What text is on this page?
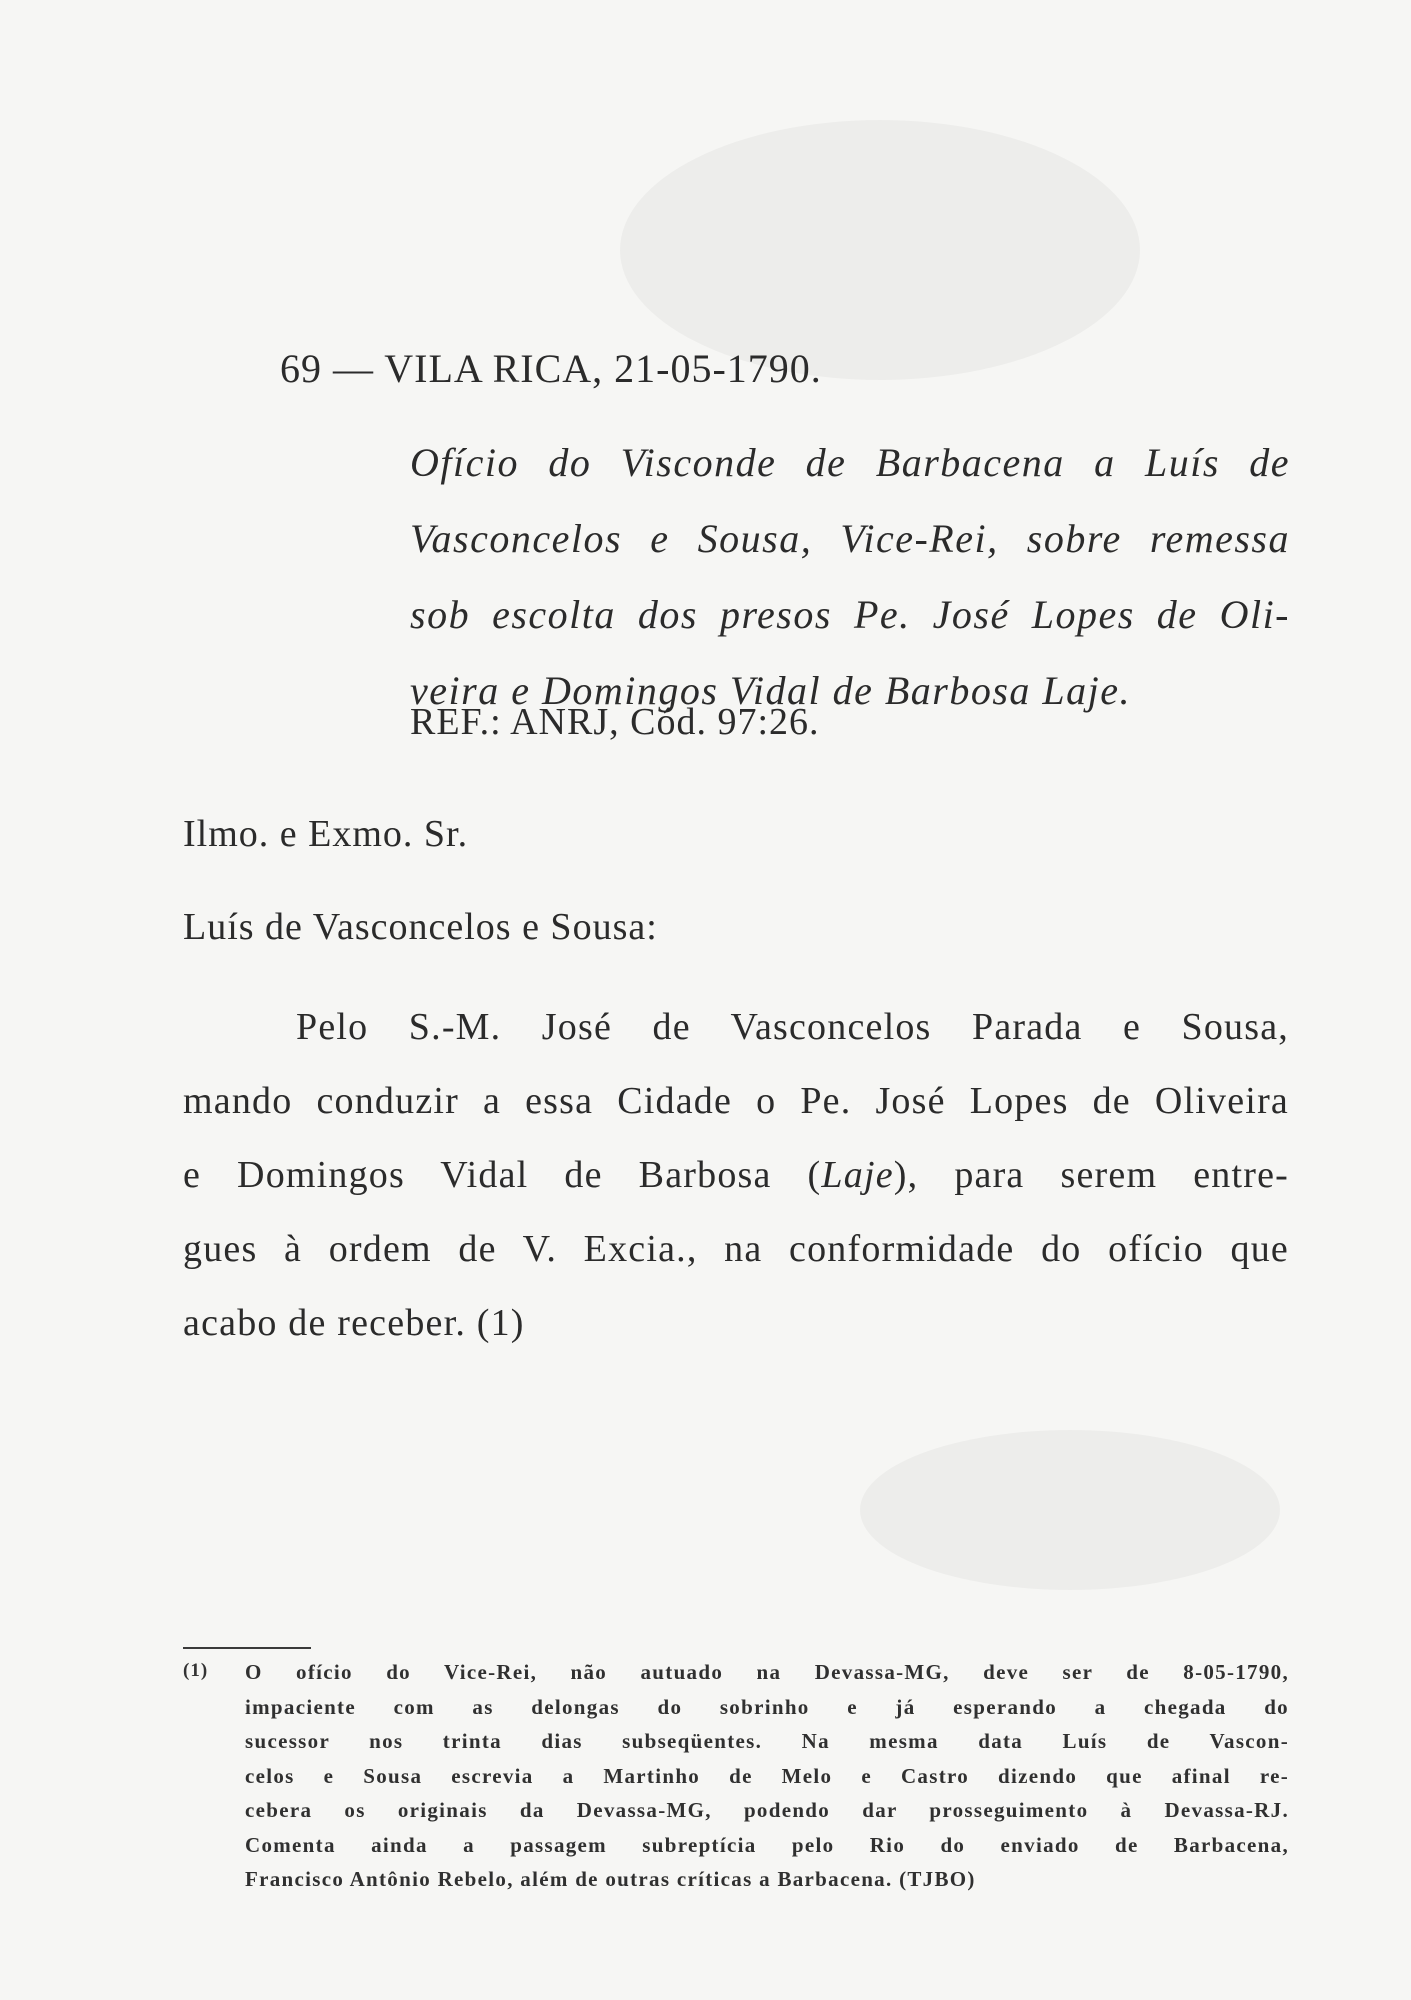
69 — VILA RICA, 21-05-1790.
Ofício do Visconde de Barbacena a Luís de
Vasconcelos e Sousa, Vice-Rei, sobre remessa
sob escolta dos presos Pe. José Lopes de Oli-
veira e Domingos Vidal de Barbosa Laje.
REF.: ANRJ, Cód. 97:26.
Ilmo. e Exmo. Sr.
Luís de Vasconcelos e Sousa:
Pelo S.-M. José de Vasconcelos Parada e Sousa,
mando conduzir a essa Cidade o Pe. José Lopes de Oliveira
e Domingos Vidal de Barbosa (Laje), para serem entre-
gues à ordem de V. Excia., na conformidade do ofício que
acabo de receber. (1)
(1) O ofício do Vice-Rei, não autuado na Devassa-MG, deve ser de 8-05-1790,
impaciente com as delongas do sobrinho e já esperando a chegada do
sucessor nos trinta dias subseqüentes. Na mesma data Luís de Vascon-
celos e Sousa escrevia a Martinho de Melo e Castro dizendo que afinal re-
cebera os originais da Devassa-MG, podendo dar prosseguimento à Devassa-RJ.
Comenta ainda a passagem subreptícia pelo Rio do enviado de Barbacena,
Francisco Antônio Rebelo, além de outras críticas a Barbacena. (TJBO)
